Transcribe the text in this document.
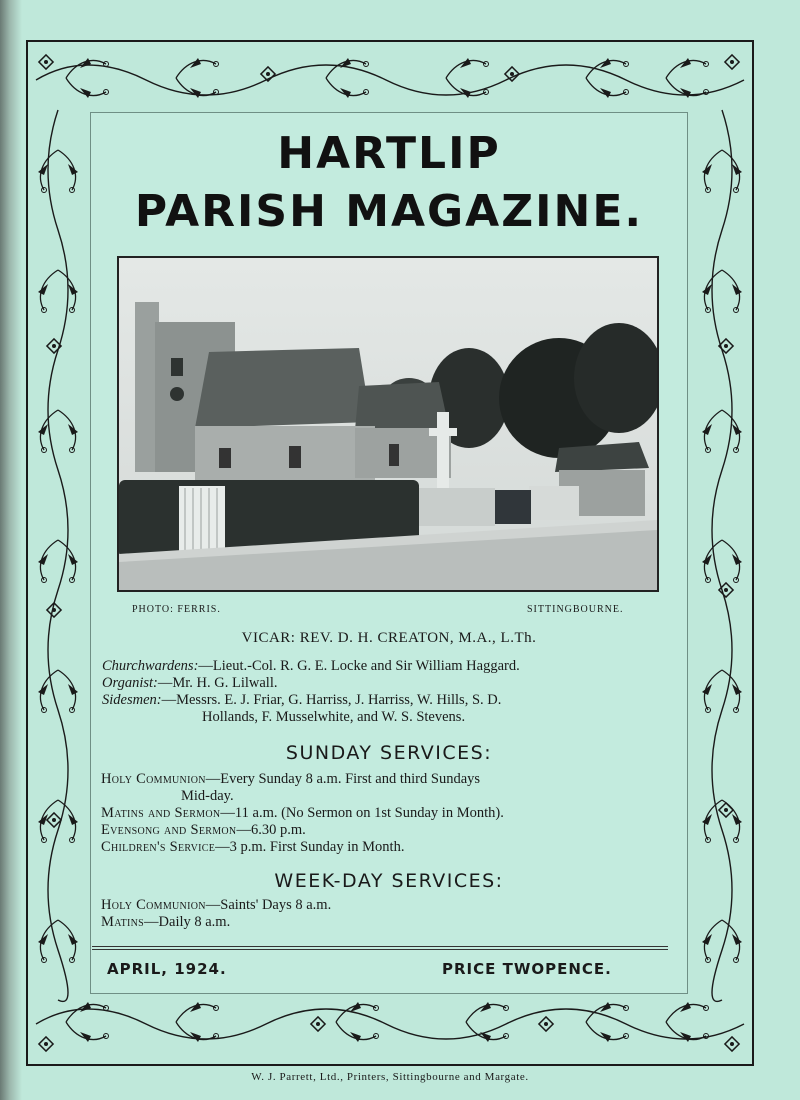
HARTLIP
PARISH MAGAZINE.
PHOTO: FERRIS.	SITTINGBOURNE.
VICAR: REV. D. H. CREATON, M.A., L.Th.
Churchwardens:—Lieut.-Col. R. G. E. Locke and Sir William Haggard.
Organist:—Mr. H. G. Lilwall.
Sidesmen:—Messrs. E. J. Friar, G. Harriss, J. Harriss, W. Hills, S. D.
Hollands, F. Musselwhite, and W. S. Stevens.
SUNDAY SERVICES:
Holy Communion—Every Sunday 8 a.m. First and third Sundays
Mid-day.
Matins and Sermon—11 a.m. (No Sermon on 1st Sunday in Month).
Evensong and Sermon—6.30 p.m.
Children's Service—3 p.m. First Sunday in Month.
WEEK-DAY SERVICES:
Holy Communion—Saints' Days 8 a.m.
Matins—Daily 8 a.m.
APRIL, 1924.	PRICE TWOPENCE.
W. J. Parrett, Ltd., Printers, Sittingbourne and Margate.
